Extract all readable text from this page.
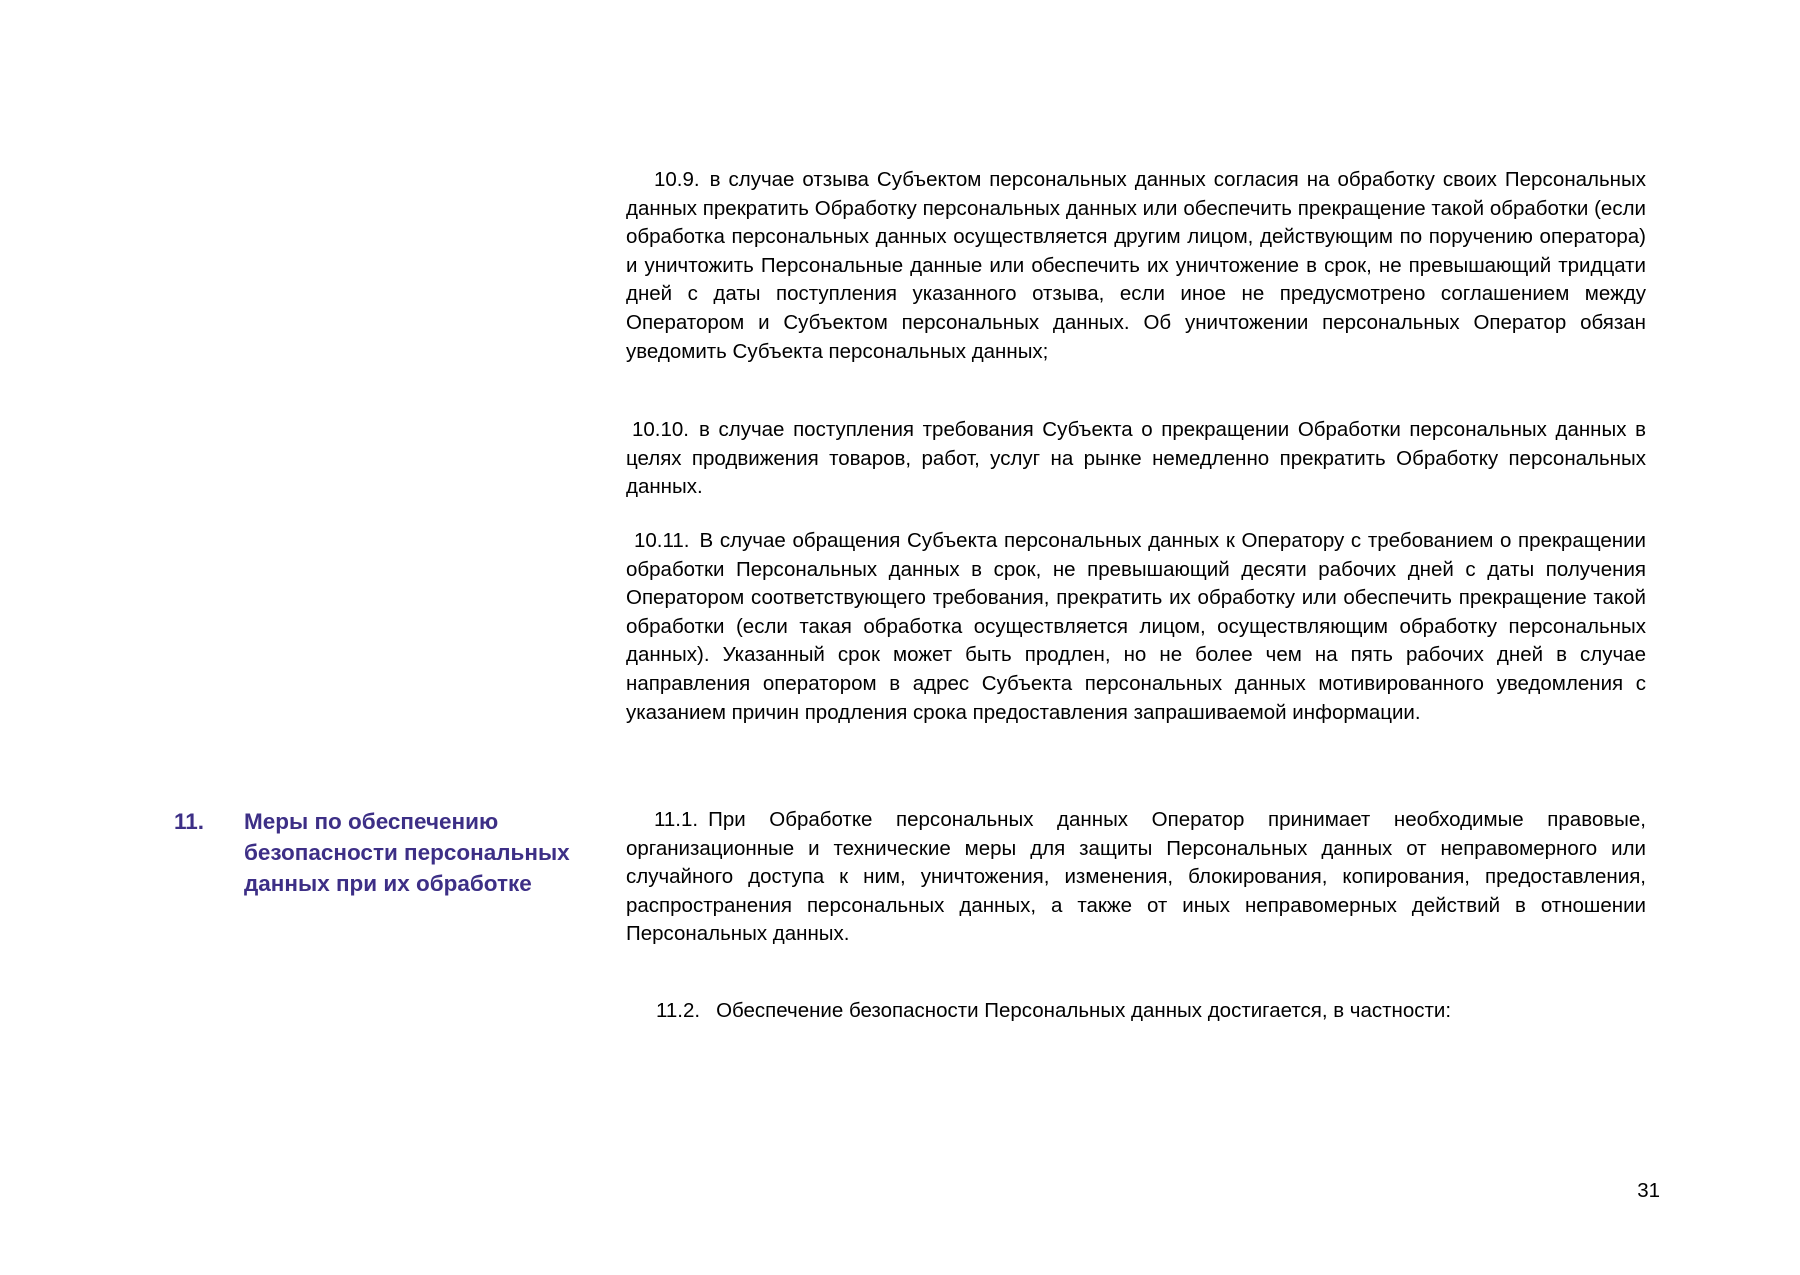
10.9. в случае отзыва Субъектом персональных данных согласия на обработку своих Персональных данных прекратить Обработку персональных данных или обеспечить прекращение такой обработки (если обработка персональных данных осуществляется другим лицом, действующим по поручению оператора) и уничтожить Персональные данные или обеспечить их уничтожение в срок, не превышающий тридцати дней с даты поступления указанного отзыва, если иное не предусмотрено соглашением между Оператором и Субъектом персональных данных. Об уничтожении персональных Оператор обязан уведомить Субъекта персональных данных;

10.10. в случае поступления требования Субъекта о прекращении Обработки персональных данных в целях продвижения товаров, работ, услуг на рынке немедленно прекратить Обработку персональных данных.

10.11. В случае обращения Субъекта персональных данных к Оператору с требованием о прекращении обработки Персональных данных в срок, не превышающий десяти рабочих дней с даты получения Оператором соответствующего требования, прекратить их обработку или обеспечить прекращение такой обработки (если такая обработка осуществляется лицом, осуществляющим обработку персональных данных). Указанный срок может быть продлен, но не более чем на пять рабочих дней в случае направления оператором в адрес Субъекта персональных данных мотивированного уведомления с указанием причин продления срока предоставления запрашиваемой информации.

11. Меры по обеспечению безопасности персональных данных при их обработке

11.1. При Обработке персональных данных Оператор принимает необходимые правовые, организационные и технические меры для защиты Персональных данных от неправомерного или случайного доступа к ним, уничтожения, изменения, блокирования, копирования, предоставления, распространения персональных данных, а также от иных неправомерных действий в отношении Персональных данных.

11.2. Обеспечение безопасности Персональных данных достигается, в частности:

31
